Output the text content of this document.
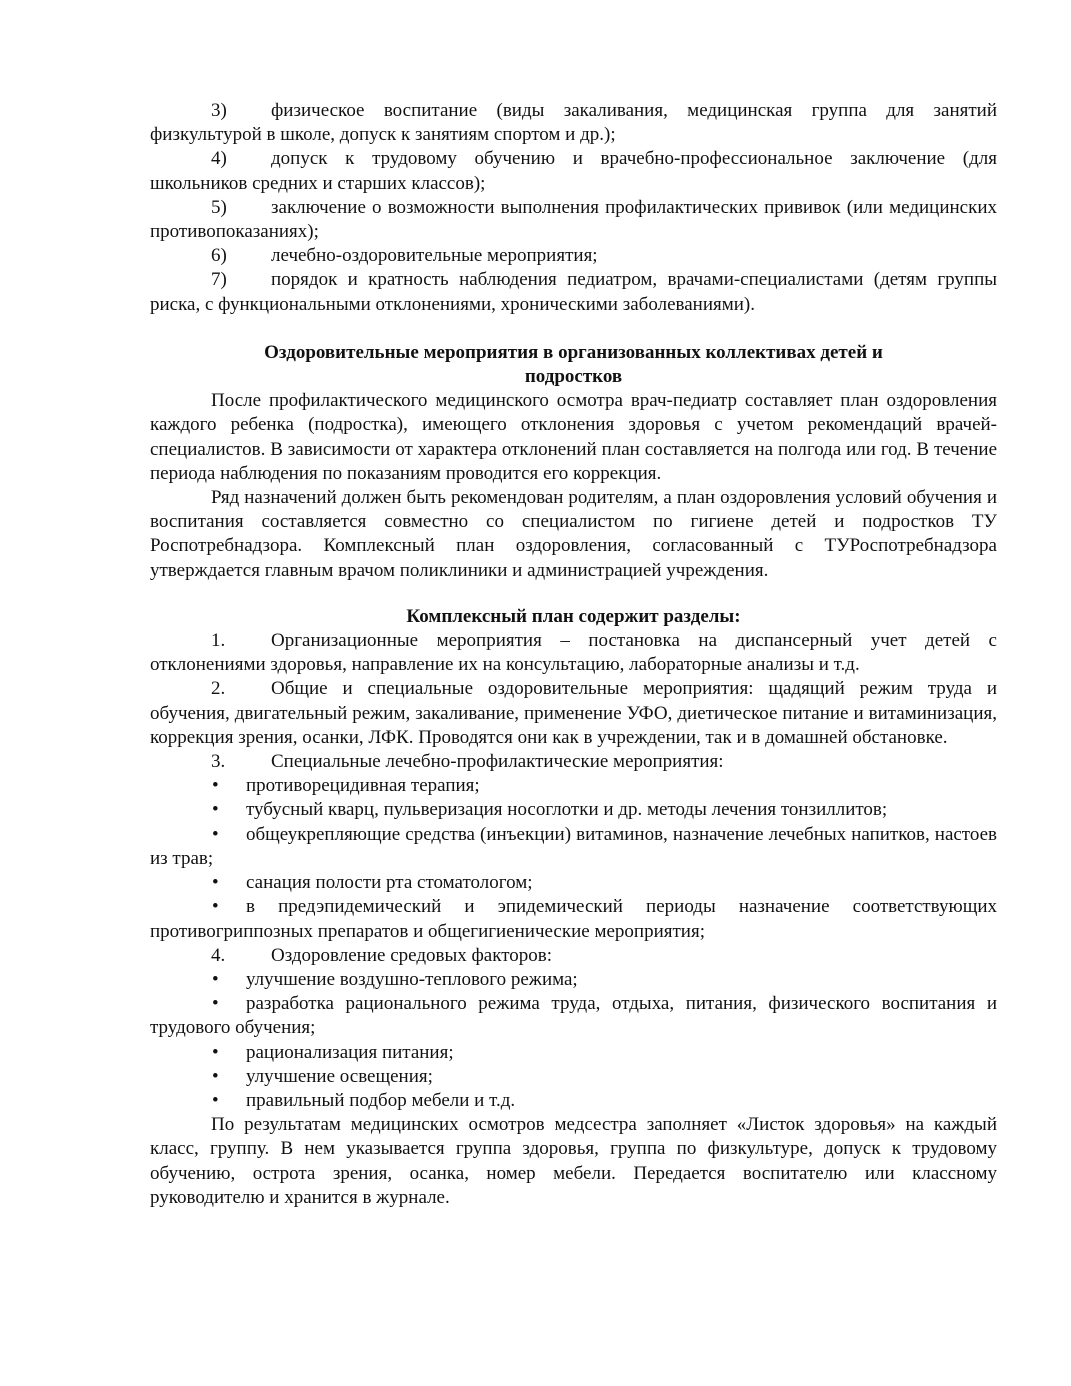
3) физическое воспитание (виды закаливания, медицинская группа для занятий физкультурой в школе, допуск к занятиям спортом и др.);

4) допуск к трудовому обучению и врачебно-профессиональное заключение (для школьников средних и старших классов);

5) заключение о возможности выполнения профилактических прививок (или медицинских противопоказаниях);

6) лечебно-оздоровительные мероприятия;

7) порядок и кратность наблюдения педиатром, врачами-специалистами (детям группы риска, с функциональными отклонениями, хроническими заболеваниями).

Оздоровительные мероприятия в организованных коллективах детей и
подростков

После профилактического медицинского осмотра врач-педиатр составляет план оздоровления каждого ребенка (подростка), имеющего отклонения здоровья с учетом рекомендаций врачей-специалистов. В зависимости от характера отклонений план составляется на полгода или год. В течение периода наблюдения по показаниям проводится его коррекция.

Ряд назначений должен быть рекомендован родителям, а план оздоровления условий обучения и воспитания составляется совместно со специалистом по гигиене детей и подростков ТУ Роспотребнадзора. Комплексный план оздоровления, согласованный с ТУРоспотребнадзора утверждается главным врачом поликлиники и администрацией учреждения.

Комплексный план содержит разделы:

1. Организационные мероприятия – постановка на диспансерный учет детей с отклонениями здоровья, направление их на консультацию, лабораторные анализы и т.д.

2. Общие и специальные оздоровительные мероприятия: щадящий режим труда и обучения, двигательный режим, закаливание, применение УФО, диетическое питание и витаминизация, коррекция зрения, осанки, ЛФК. Проводятся они как в учреждении, так и в домашней обстановке.

3. Специальные лечебно-профилактические мероприятия:

• противорецидивная терапия;

• тубусный кварц, пульверизация носоглотки и др. методы лечения тонзиллитов;

• общеукрепляющие средства (инъекции) витаминов, назначение лечебных напитков, настоев из трав;

• санация полости рта стоматологом;

• в предэпидемический и эпидемический периоды назначение соответствующих противогриппозных препаратов и общегигиенические мероприятия;

4. Оздоровление средовых факторов:

• улучшение воздушно-теплового режима;

• разработка рационального режима труда, отдыха, питания, физического воспитания и трудового обучения;

• рационализация питания;

• улучшение освещения;

• правильный подбор мебели и т.д.

По результатам медицинских осмотров медсестра заполняет «Листок здоровья» на каждый класс, группу. В нем указывается группа здоровья, группа по физкультуре, допуск к трудовому обучению, острота зрения, осанка, номер мебели. Передается воспитателю или классному руководителю и хранится в журнале.
